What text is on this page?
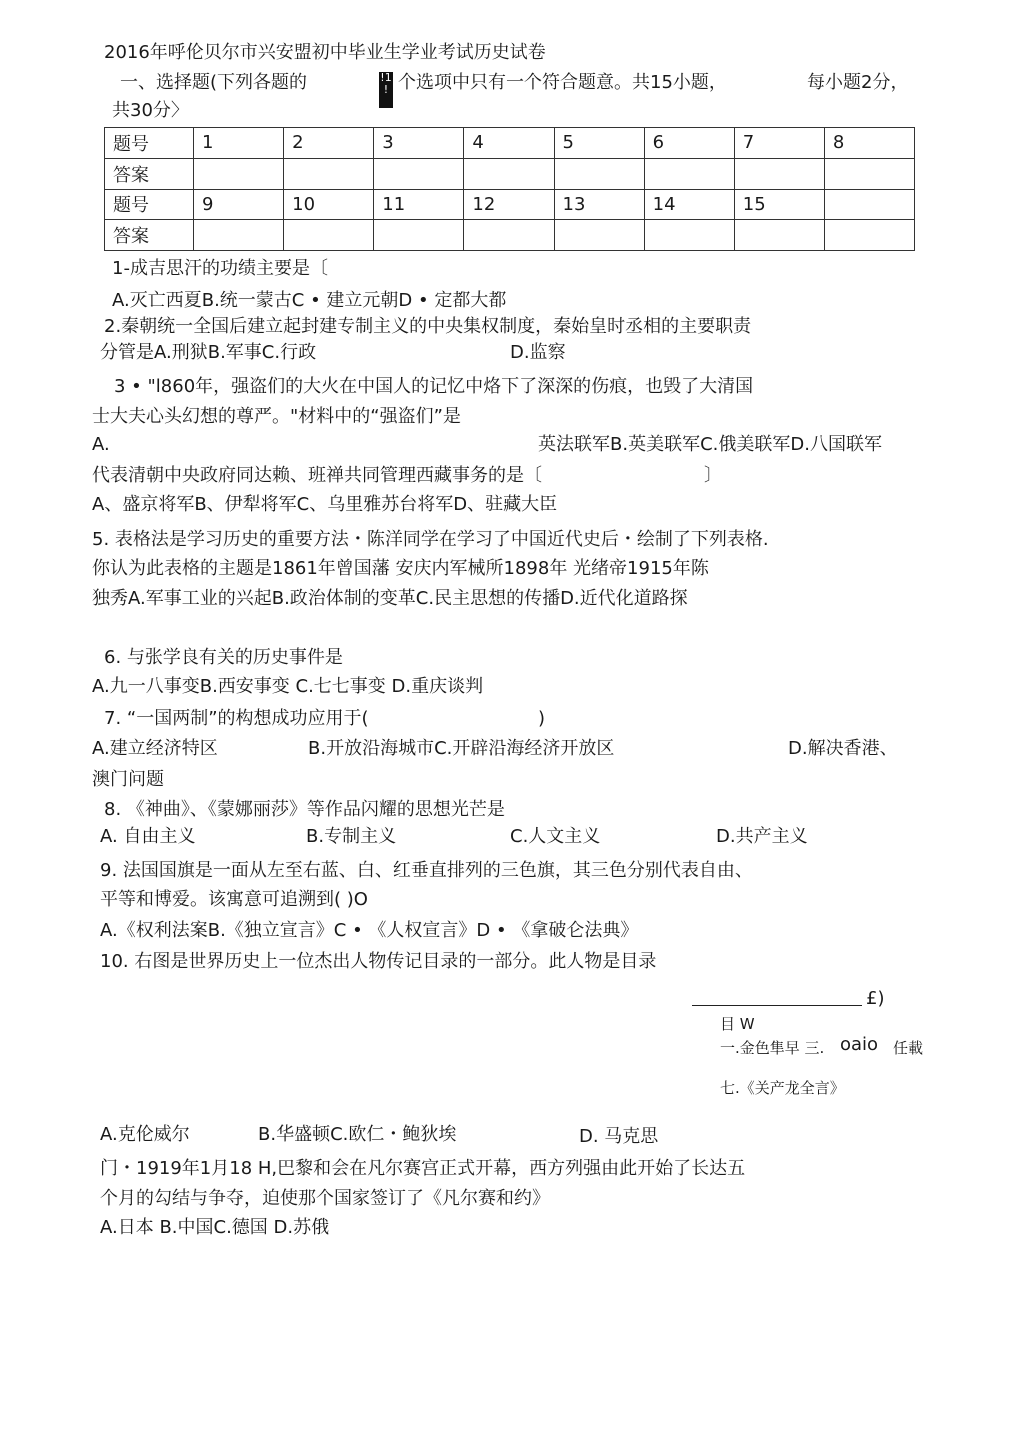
2016年呼伦贝尔市兴安盟初中毕业生学业考试历史试卷
一、选择题(下列各题的	!1 ! 个选项中只有一个符合题意。共15小题，	每小题2分，
共30分〉
题号	1	2	3	4	5	6	7	8
答案								
题号	9	10	11	12	13	14	15	
答案								
1-成吉思汗的功绩主要是〔
A.灭亡西夏B.统一蒙古C • 建立元朝D • 定都大都
2.秦朝统一全国后建立起封建专制主义的中央集权制度，秦始皇时丞相的主要职责
分管是A.刑狱B.军事C.行政	D.监察
3 • "l860年，强盗们的大火在中国人的记忆中烙下了深深的伤痕，也毁了大清国
士大夫心头幻想的尊严。"材料中的“强盗们”是
A.	英法联军B.英美联军C.俄美联军D.八国联军
代表清朝中央政府同达赖、班禅共同管理西藏事务的是〔	〕
A、盛京将军B、伊犁将军C、乌里雅苏台将军D、驻藏大臣
5. 表格法是学习历史的重要方法・陈洋同学在学习了中国近代史后・绘制了下列表格.
你认为此表格的主题是1861年曾国藩 安庆内军械所1898年 光绪帝1915年陈
独秀A.军事工业的兴起B.政治体制的变革C.民主思想的传播D.近代化道路探
6. 与张学良有关的历史事件是
A.九一八事变B.西安事变 C.七七事变 D.重庆谈判
7. “一国两制”的构想成功应用于(	)
A.建立经济特区	B.开放沿海城市C.开辟沿海经济开放区	D.解决香港、
澳门问题
8. 《神曲》、《蒙娜丽莎》等作品闪耀的思想光芒是
A. 自由主义	B.专制主义	C.人文主义	D.共产主义
9. 法国国旗是一面从左至右蓝、白、红垂直排列的三色旗，其三色分别代表自由、
平等和博爱。该寓意可追溯到( )O
A.《权利法案B.《独立宣言》C • 《人权宣言》D • 《拿破仑法典》
10. 右图是世界历史上一位杰出人物传记目录的一部分。此人物是目录
£)
目 W
一.金色隼早 三. oaio 任載
七.《关产龙全言》
A.克伦威尔	B.华盛顿C.欧仁・鲍狄埃	D. 马克思
门・1919年1月18 H,巴黎和会在凡尔赛宫正式开幕，西方列强由此开始了长达五
个月的勾结与争夺，迫使那个国家签订了《凡尔赛和约》
A.日本 B.中国C.德国 D.苏俄
